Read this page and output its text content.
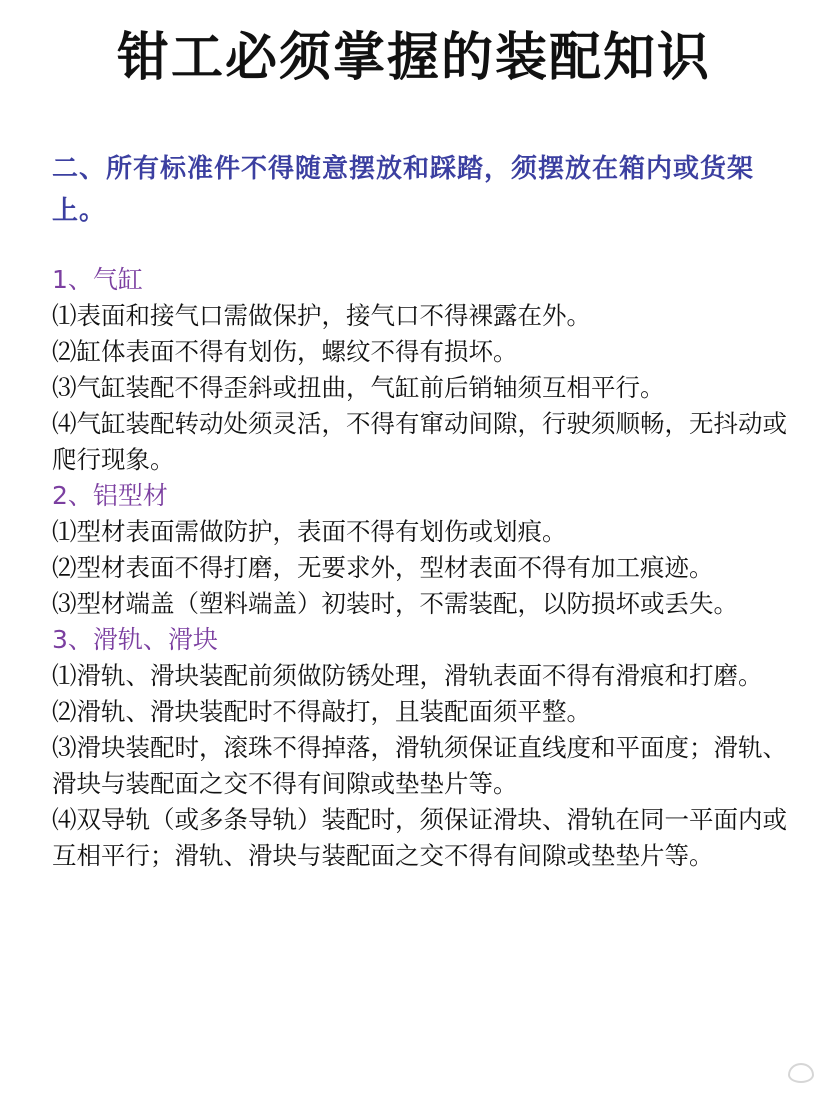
钳工必须掌握的装配知识
二、所有标准件不得随意摆放和踩踏，须摆放在箱内或货架上。

1、气缸

⑴表面和接气口需做保护，接气口不得裸露在外。

⑵缸体表面不得有划伤，螺纹不得有损坏。

⑶气缸装配不得歪斜或扭曲，气缸前后销轴须互相平行。

⑷气缸装配转动处须灵活，不得有窜动间隙，行驶须顺畅，无抖动或爬行现象。

2、铝型材

⑴型材表面需做防护，表面不得有划伤或划痕。

⑵型材表面不得打磨，无要求外，型材表面不得有加工痕迹。

⑶型材端盖（塑料端盖）初装时，不需装配，以防损坏或丢失。

3、滑轨、滑块

⑴滑轨、滑块装配前须做防锈处理，滑轨表面不得有滑痕和打磨。

⑵滑轨、滑块装配时不得敲打，且装配面须平整。

⑶滑块装配时，滚珠不得掉落，滑轨须保证直线度和平面度；滑轨、滑块与装配面之交不得有间隙或垫垫片等。

⑷双导轨（或多条导轨）装配时，须保证滑块、滑轨在同一平面内或互相平行；滑轨、滑块与装配面之交不得有间隙或垫垫片等。
